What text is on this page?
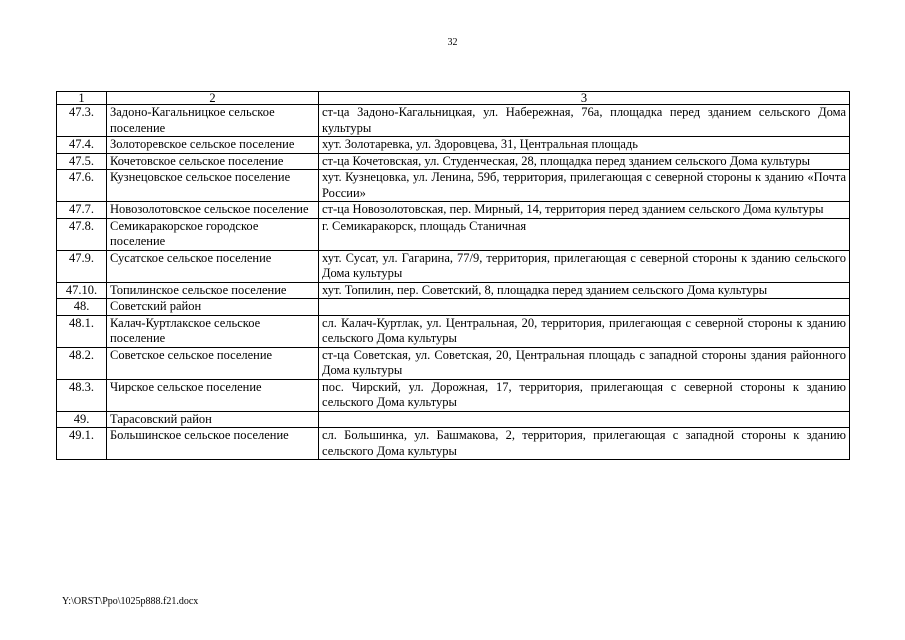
32
1	2	3
47.3.	Задоно-Кагальницкое сельское поселение	ст-ца Задоно-Кагальницкая, ул. Набережная, 76а, площадка перед зданием сельского Дома культуры
47.4.	Золоторевское сельское поселение	хут. Золотаревка, ул. Здоровцева, 31, Центральная площадь
47.5.	Кочетовское сельское поселение	ст-ца Кочетовская, ул. Студенческая, 28, площадка перед зданием сельского Дома культуры
47.6.	Кузнецовское сельское поселение	хут. Кузнецовка, ул. Ленина, 59б, территория, прилегающая с северной стороны к зданию «Почта России»
47.7.	Новозолотовское сельское поселение	ст-ца Новозолотовская, пер. Мирный, 14, территория перед зданием сельского Дома культуры
47.8.	Семикаракорское городское поселение	г. Семикаракорск, площадь Станичная
47.9.	Сусатское сельское поселение	хут. Сусат, ул. Гагарина, 77/9, территория, прилегающая с северной стороны к зданию сельского Дома культуры
47.10.	Топилинское сельское поселение	хут. Топилин, пер. Советский, 8, площадка перед зданием сельского Дома культуры
48.	Советский район	
48.1.	Калач-Куртлакское сельское поселение	сл. Калач-Куртлак, ул. Центральная, 20, территория, прилегающая с северной стороны к зданию сельского Дома культуры
48.2.	Советское сельское поселение	ст-ца Советская, ул. Советская, 20, Центральная площадь с западной стороны здания районного Дома культуры
48.3.	Чирское сельское поселение	пос. Чирский, ул. Дорожная, 17, территория, прилегающая с северной стороны к зданию сельского Дома культуры
49.	Тарасовский район	
49.1.	Большинское сельское поселение	сл. Большинка, ул. Башмакова, 2, территория, прилегающая с западной стороны к зданию сельского Дома культуры
Y:\ORST\Ppo\1025p888.f21.docx
